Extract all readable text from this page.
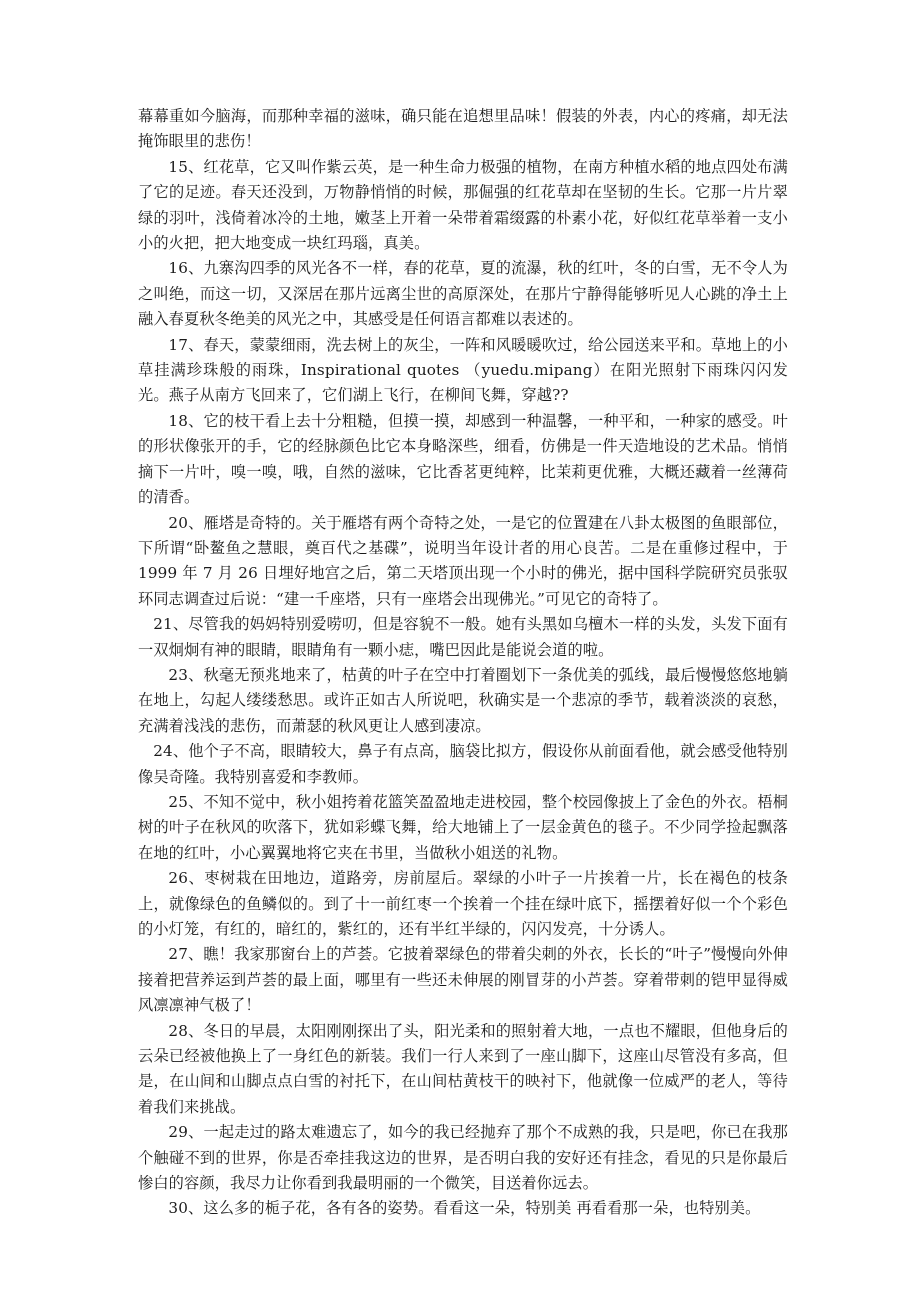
幕幕重如今脑海，而那种幸福的滋味，确只能在追想里品味！假装的外表，内心的疼痛，却无法掩饰眼里的悲伤！

15、红花草，它又叫作紫云英，是一种生命力极强的植物，在南方种植水稻的地点四处布满了它的足迹。春天还没到，万物静悄悄的时候，那倔强的红花草却在坚韧的生长。它那一片片翠绿的羽叶，浅倚着冰冷的土地，嫩茎上开着一朵带着霜缀露的朴素小花，好似红花草举着一支小小的火把，把大地变成一块红玛瑙，真美。

16、九寨沟四季的风光各不一样，春的花草，夏的流瀑，秋的红叶，冬的白雪，无不令人为之叫绝，而这一切，又深居在那片远离尘世的高原深处，在那片宁静得能够听见人心跳的净土上融入春夏秋冬绝美的风光之中，其感受是任何语言都难以表述的。

17、春天，蒙蒙细雨，洗去树上的灰尘，一阵和风暖暖吹过，给公园送来平和。草地上的小草挂满珍珠般的雨珠，Inspirational quotes （yuedu.mipang）在阳光照射下雨珠闪闪发光。燕子从南方飞回来了，它们湖上飞行，在柳间飞舞，穿越??

18、它的枝干看上去十分粗糙，但摸一摸，却感到一种温馨，一种平和，一种家的感受。叶的形状像张开的手，它的经脉颜色比它本身略深些，细看，仿佛是一件天造地设的艺术品。悄悄摘下一片叶，嗅一嗅，哦，自然的滋味，它比香茗更纯粹，比茉莉更优雅，大概还藏着一丝薄荷的清香。

20、雁塔是奇特的。关于雁塔有两个奇特之处，一是它的位置建在八卦太极图的鱼眼部位，下所谓“卧鳌鱼之慧眼，奠百代之基碟”，说明当年设计者的用心良苦。二是在重修过程中，于 1999 年 7 月 26 日埋好地宫之后，第二天塔顶出现一个小时的佛光，据中国科学院研究员张驭环同志调查过后说：“建一千座塔，只有一座塔会出现佛光。”可见它的奇特了。

21、尽管我的妈妈特别爱唠叨，但是容貌不一般。她有头黑如乌檀木一样的头发，头发下面有一双炯炯有神的眼睛，眼睛角有一颗小痣，嘴巴因此是能说会道的啦。

23、秋毫无预兆地来了，枯黄的叶子在空中打着圈划下一条优美的弧线，最后慢慢悠悠地躺在地上，勾起人缕缕愁思。或许正如古人所说吧，秋确实是一个悲凉的季节，载着淡淡的哀愁，充满着浅浅的悲伤，而萧瑟的秋风更让人感到凄凉。

24、他个子不高，眼睛较大，鼻子有点高，脑袋比拟方，假设你从前面看他，就会感受他特别像吴奇隆。我特别喜爱和李教师。

25、不知不觉中，秋小姐挎着花篮笑盈盈地走进校园，整个校园像披上了金色的外衣。梧桐树的叶子在秋风的吹落下，犹如彩蝶飞舞，给大地铺上了一层金黄色的毯子。不少同学捡起飘落在地的红叶，小心翼翼地将它夹在书里，当做秋小姐送的礼物。

26、枣树栽在田地边，道路旁，房前屋后。翠绿的小叶子一片挨着一片，长在褐色的枝条上，就像绿色的鱼鳞似的。到了十一前红枣一个挨着一个挂在绿叶底下，摇摆着好似一个个彩色的小灯笼，有红的，暗红的，紫红的，还有半红半绿的，闪闪发亮，十分诱人。

27、瞧！我家那窗台上的芦荟。它披着翠绿色的带着尖刺的外衣，长长的“叶子”慢慢向外伸接着把营养运到芦荟的最上面，哪里有一些还未伸展的刚冒芽的小芦荟。穿着带刺的铠甲显得威风凛凛神气极了！

28、冬日的早晨，太阳刚刚探出了头，阳光柔和的照射着大地，一点也不耀眼，但他身后的云朵已经被他换上了一身红色的新装。我们一行人来到了一座山脚下，这座山尽管没有多高，但是，在山间和山脚点点白雪的衬托下，在山间枯黄枝干的映衬下，他就像一位威严的老人，等待着我们来挑战。

29、一起走过的路太难遗忘了，如今的我已经抛弃了那个不成熟的我，只是吧，你已在我那个触碰不到的世界，你是否牵挂我这边的世界，是否明白我的安好还有挂念，看见的只是你最后惨白的容颜，我尽力让你看到我最明丽的一个微笑，目送着你远去。

30、这么多的栀子花，各有各的姿势。看看这一朵，特别美 再看看那一朵，也特别美。
